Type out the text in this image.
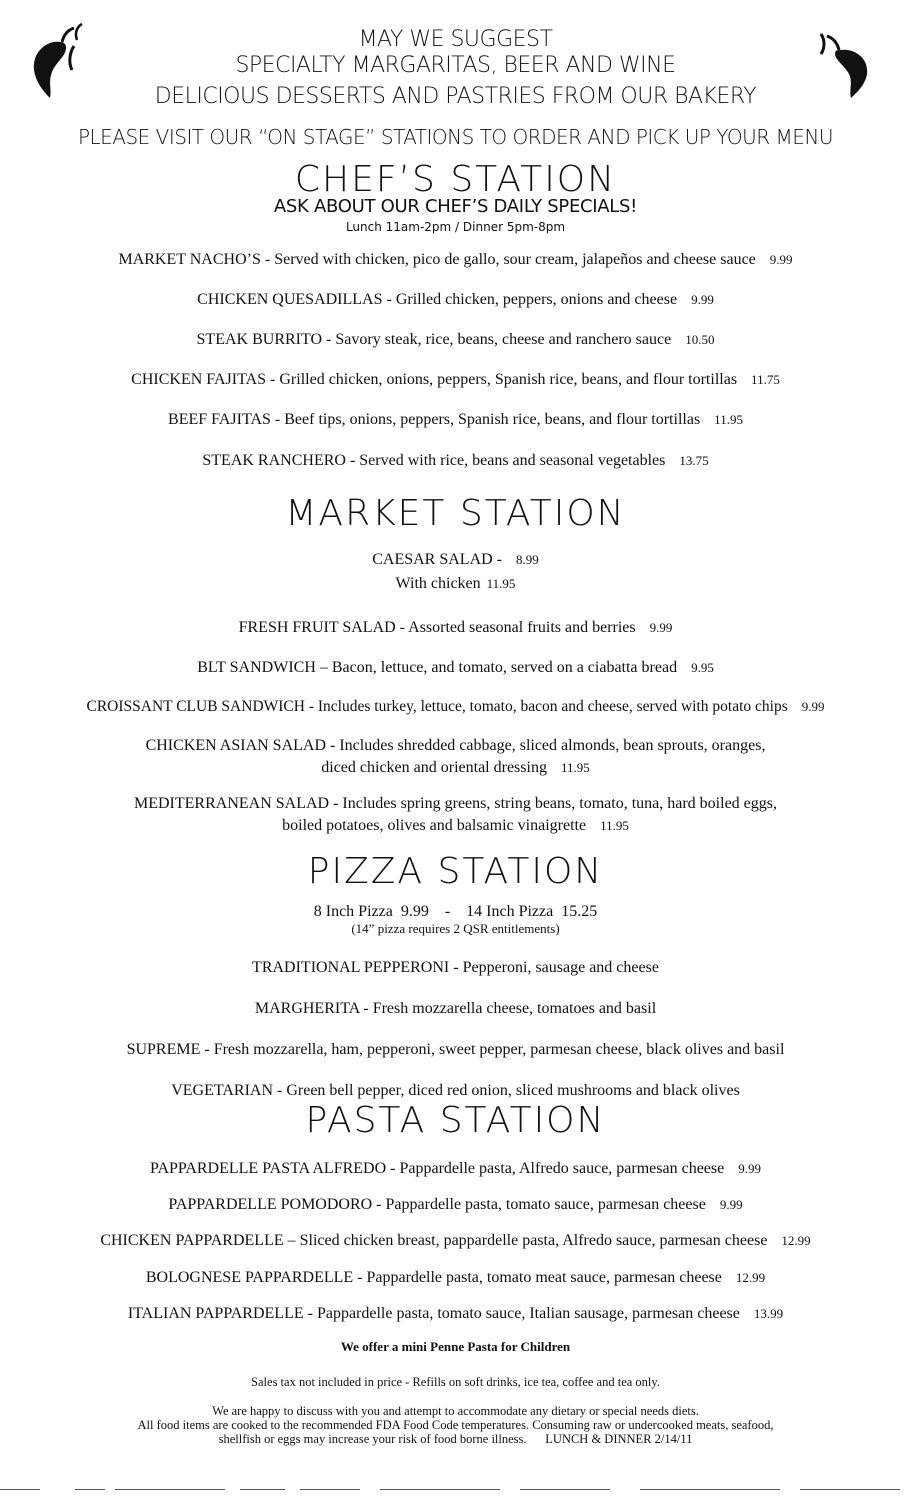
MAY WE SUGGEST
SPECIALTY MARGARITAS, BEER AND WINE
DELICIOUS DESSERTS AND PASTRIES FROM OUR BAKERY
PLEASE VISIT OUR “ON STAGE” STATIONS TO ORDER AND PICK UP YOUR MENU
CHEF’S STATION
ASK ABOUT OUR CHEF’S DAILY SPECIALS!
Lunch 11am-2pm / Dinner 5pm-8pm
MARKET NACHO’S - Served with chicken, pico de gallo, sour cream, jalapeños and cheese sauce 9.99
CHICKEN QUESADILLAS - Grilled chicken, peppers, onions and cheese 9.99
STEAK BURRITO - Savory steak, rice, beans, cheese and ranchero sauce 10.50
CHICKEN FAJITAS - Grilled chicken, onions, peppers, Spanish rice, beans, and flour tortillas 11.75
BEEF FAJITAS - Beef tips, onions, peppers, Spanish rice, beans, and flour tortillas 11.95
STEAK RANCHERO - Served with rice, beans and seasonal vegetables 13.75
MARKET STATION
CAESAR SALAD - 8.99
With chicken 11.95
FRESH FRUIT SALAD - Assorted seasonal fruits and berries 9.99
BLT SANDWICH – Bacon, lettuce, and tomato, served on a ciabatta bread 9.95
CROISSANT CLUB SANDWICH - Includes turkey, lettuce, tomato, bacon and cheese, served with potato chips 9.99
CHICKEN ASIAN SALAD - Includes shredded cabbage, sliced almonds, bean sprouts, oranges,
diced chicken and oriental dressing 11.95
MEDITERRANEAN SALAD - Includes spring greens, string beans, tomato, tuna, hard boiled eggs,
boiled potatoes, olives and balsamic vinaigrette 11.95
PIZZA STATION
8 Inch Pizza 9.99 - 14 Inch Pizza 15.25
(14” pizza requires 2 QSR entitlements)
TRADITIONAL PEPPERONI - Pepperoni, sausage and cheese
MARGHERITA - Fresh mozzarella cheese, tomatoes and basil
SUPREME - Fresh mozzarella, ham, pepperoni, sweet pepper, parmesan cheese, black olives and basil
VEGETARIAN - Green bell pepper, diced red onion, sliced mushrooms and black olives
PASTA STATION
PAPPARDELLE PASTA ALFREDO - Pappardelle pasta, Alfredo sauce, parmesan cheese 9.99
PAPPARDELLE POMODORO - Pappardelle pasta, tomato sauce, parmesan cheese 9.99
CHICKEN PAPPARDELLE – Sliced chicken breast, pappardelle pasta, Alfredo sauce, parmesan cheese 12.99
BOLOGNESE PAPPARDELLE - Pappardelle pasta, tomato meat sauce, parmesan cheese 12.99
ITALIAN PAPPARDELLE - Pappardelle pasta, tomato sauce, Italian sausage, parmesan cheese 13.99
We offer a mini Penne Pasta for Children
Sales tax not included in price - Refills on soft drinks, ice tea, coffee and tea only.
We are happy to discuss with you and attempt to accommodate any dietary or special needs diets.
All food items are cooked to the recommended FDA Food Code temperatures. Consuming raw or undercooked meats, seafood,
shellfish or eggs may increase your risk of food borne illness. LUNCH & DINNER 2/14/11
